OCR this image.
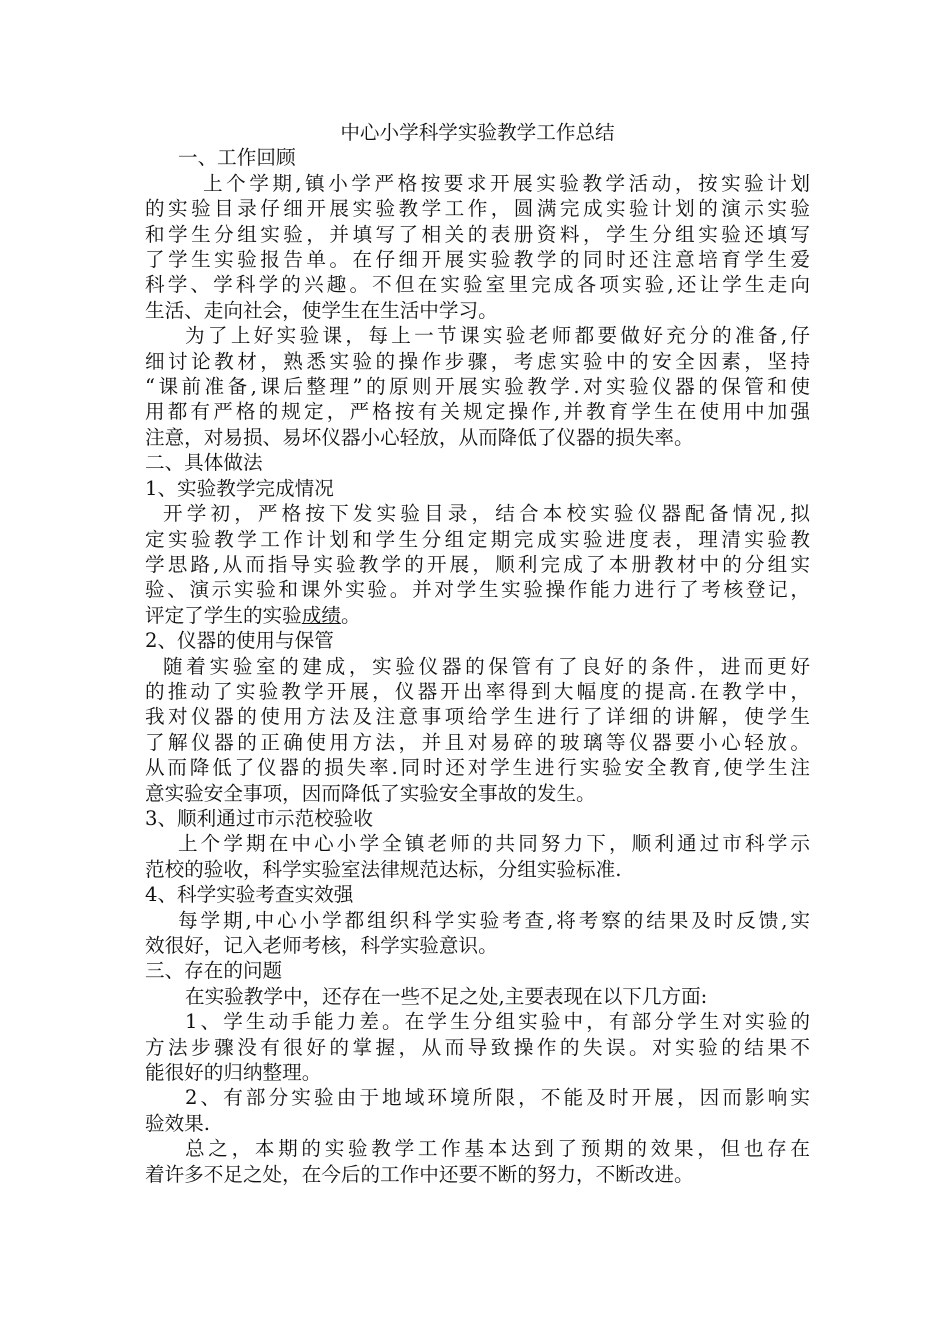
中心小学科学实验教学工作总结

一、工作回顾

上个学期,镇小学严格按要求开展实验教学活动，按实验计划

的实验目录仔细开展实验教学工作，圆满完成实验计划的演示实验

和学生分组实验，并填写了相关的表册资料，学生分组实验还填写

了学生实验报告单。在仔细开展实验教学的同时还注意培育学生爱

科学、学科学的兴趣。不但在实验室里完成各项实验,还让学生走向

生活、走向社会，使学生在生活中学习。

为了上好实验课，每上一节课实验老师都要做好充分的准备,仔

细讨论教材，熟悉实验的操作步骤，考虑实验中的安全因素，坚持

“课前准备,课后整理”的原则开展实验教学.对实验仪器的保管和使

用都有严格的规定，严格按有关规定操作,并教育学生在使用中加强

注意，对易损、易坏仪器小心轻放，从而降低了仪器的损失率。

二、具体做法

1、实验教学完成情况

开学初，严格按下发实验目录，结合本校实验仪器配备情况,拟

定实验教学工作计划和学生分组定期完成实验进度表，理清实验教

学思路,从而指导实验教学的开展，顺利完成了本册教材中的分组实

验、演示实验和课外实验。并对学生实验操作能力进行了考核登记，

评定了学生的实验成绩。

2、仪器的使用与保管

随着实验室的建成，实验仪器的保管有了良好的条件，进而更好

的推动了实验教学开展，仪器开出率得到大幅度的提高.在教学中，

我对仪器的使用方法及注意事项给学生进行了详细的讲解，使学生

了解仪器的正确使用方法，并且对易碎的玻璃等仪器要小心轻放。

从而降低了仪器的损失率.同时还对学生进行实验安全教育,使学生注

意实验安全事项，因而降低了实验安全事故的发生。

3、顺利通过市示范校验收

上个学期在中心小学全镇老师的共同努力下，顺利通过市科学示

范校的验收，科学实验室法律规范达标，分组实验标准.

4、科学实验考查实效强

每学期,中心小学都组织科学实验考查,将考察的结果及时反馈,实

效很好，记入老师考核，科学实验意识。

三、存在的问题

在实验教学中，还存在一些不足之处,主要表现在以下几方面:

1、学生动手能力差。在学生分组实验中，有部分学生对实验的

方法步骤没有很好的掌握，从而导致操作的失误。对实验的结果不

能很好的归纳整理。

2、有部分实验由于地域环境所限，不能及时开展，因而影响实

验效果.

总之，本期的实验教学工作基本达到了预期的效果，但也存在

着许多不足之处，在今后的工作中还要不断的努力，不断改进。
